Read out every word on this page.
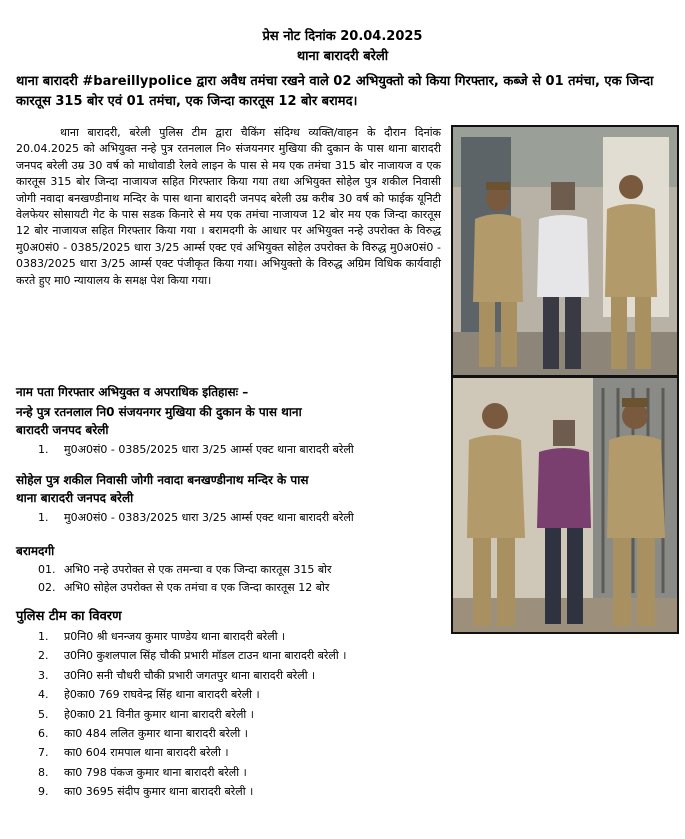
प्रेस नोट दिनांक 20.04.2025
थाना बारादरी बरेली
थाना बारादरी #bareillypolice द्वारा अवैध तमंचा रखने वाले 02 अभियुक्तो को किया गिरफ्तार, कब्जे से 01 तमंचा, एक जिन्दा कारतूस 315 बोर एवं 01 तमंचा, एक जिन्दा कारतूस 12 बोर बरामद।
थाना बारादरी, बरेली पुलिस टीम द्वारा चैकिंग संदिग्ध व्यक्ति/वाहन के दौरान दिनांक 20.04.2025 को अभियुक्त नन्हे पुत्र रतनलाल नि० संजयनगर मुखिया की दुकान के पास थाना बारादरी जनपद बरेली उम्र 30 वर्ष को माधोवाडी रेलवे लाइन के पास से मय एक तमंचा 315 बोर नाजायज व एक कारतूस 315 बोर जिन्दा नाजायज सहित गिरफ्तार किया गया तथा अभियुक्त सोहेल पुत्र शकील निवासी जोगी नवादा बनखण्डीनाथ मन्दिर के पास थाना बारादरी जनपद बरेली उम्र करीब 30 वर्ष को फाईक यूनिटी वेलफेयर सोसायटी गेट के पास सडक किनारे से मय एक तमंचा नाजायज 12 बोर मय एक जिन्दा कारतूस 12 बोर नाजायज सहित गिरफ्तार किया गया । बरामदगी के आधार पर अभियुक्त नन्हे उपरोक्त के विरुद्ध मु0अ0सं0 - 0385/2025 धारा 3/25 आर्म्स एक्ट एवं अभियुक्त सोहेल उपरोक्त के विरुद्ध मु0अ0सं0 - 0383/2025 धारा 3/25 आर्म्स एक्ट पंजीकृत किया गया। अभियुक्तो के विरुद्ध अग्रिम विधिक कार्यवाही करते हुए मा0 न्यायालय के समक्ष पेश किया गया।
नाम पता गिरफ्तार अभियुक्त व अपराधिक इतिहासः –
नन्हे पुत्र रतनलाल नि0 संजयनगर मुखिया की दुकान के पास थाना
बारादरी जनपद बरेली
1. मु0अ0सं0 - 0385/2025 धारा 3/25 आर्म्स एक्ट थाना बारादरी बरेली
सोहेल पुत्र शकील निवासी जोगी नवादा बनखण्डीनाथ मन्दिर के पास
थाना बारादरी जनपद बरेली
1. मु0अ0सं0 - 0383/2025 धारा 3/25 आर्म्स एक्ट थाना बारादरी बरेली
बरामदगी
01. अभि0 नन्हे उपरोक्त से एक तमन्चा व एक जिन्दा कारतूस 315 बोर
02. अभि0 सोहेल उपरोक्त से एक तमंचा व एक जिन्दा कारतूस 12 बोर
पुलिस टीम का विवरण
1. प्र0नि0 श्री धनन्जय कुमार पाण्डेय थाना बारादरी बरेली ।
2. उ0नि0 कुशलपाल सिंह चौकी प्रभारी मॉडल टाउन थाना बारादरी बरेली ।
3. उ0नि0 सनी चौधरी चौकी प्रभारी जगतपुर थाना बारादरी बरेली ।
4. हे0का0 769 राघवेन्द्र सिंह थाना बारादरी बरेली ।
5. हे0का0 21 विनीत कुमार थाना बारादरी बरेली ।
6. का0 484 ललित कुमार थाना बारादरी बरेली ।
7. का0 604 रामपाल थाना बारादरी बरेली ।
8. का0 798 पंकज कुमार थाना बारादरी बरेली ।
9. का0 3695 संदीप कुमार थाना बारादरी बरेली ।
